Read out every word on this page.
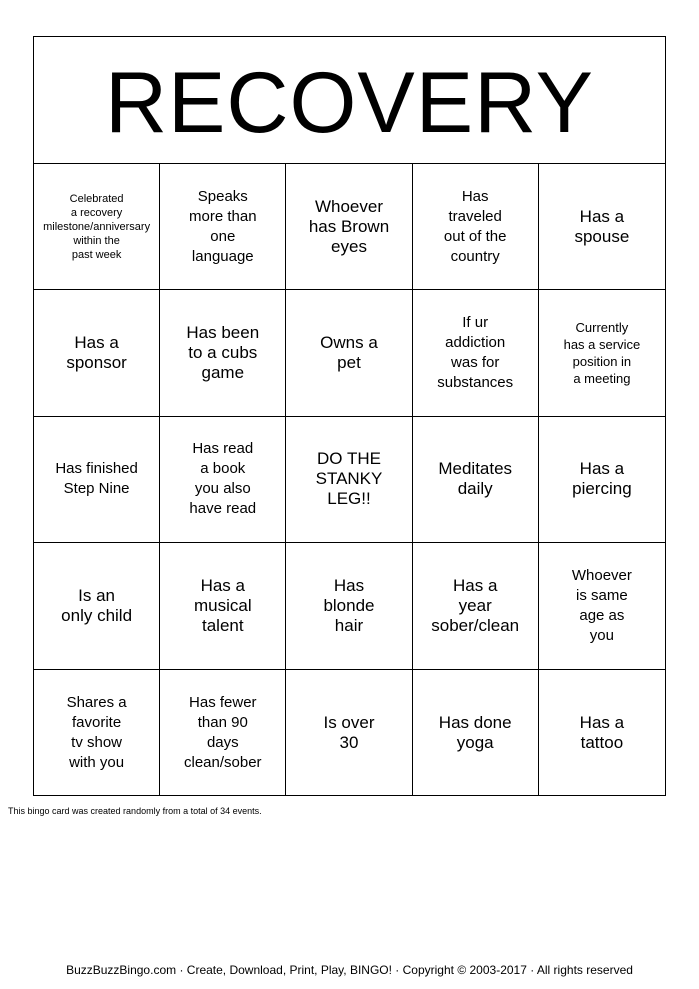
RECOVERY
Celebrated
a recovery
milestone/anniversary
within the
past week
Speaks
more than
one
language
Whoever
has Brown
eyes
Has
traveled
out of the
country
Has a
spouse
Has a
sponsor
Has been
to a cubs
game
Owns a
pet
If ur
addiction
was for
substances
Currently
has a service
position in
a meeting
Has finished
Step Nine
Has read
a book
you also
have read
DO THE
STANKY
LEG!!
Meditates
daily
Has a
piercing
Is an
only child
Has a
musical
talent
Has
blonde
hair
Has a
year
sober/clean
Whoever
is same
age as
you
Shares a
favorite
tv show
with you
Has fewer
than 90
days
clean/sober
Is over
30
Has done
yoga
Has a
tattoo
This bingo card was created randomly from a total of 34 events.
BuzzBuzzBingo.com · Create, Download, Print, Play, BINGO! · Copyright © 2003-2017 · All rights reserved
